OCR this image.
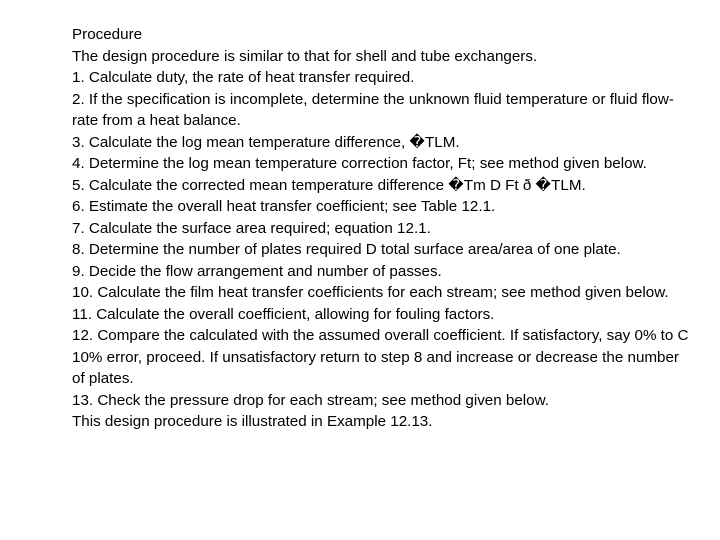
Procedure

The design procedure is similar to that for shell and tube exchangers.

1. Calculate duty, the rate of heat transfer required.

2. If the specification is incomplete, determine the unknown fluid temperature or fluid flow-rate from a heat balance.

3. Calculate the log mean temperature difference, �TLM.

4. Determine the log mean temperature correction factor, Ft; see method given below.

5. Calculate the corrected mean temperature difference �Tm D Ft ð �TLM.

6. Estimate the overall heat transfer coefficient; see Table 12.1.

7. Calculate the surface area required; equation 12.1.

8. Determine the number of plates required D total surface area/area of one plate.

9. Decide the flow arrangement and number of passes.

10. Calculate the film heat transfer coefficients for each stream; see method given below.

11. Calculate the overall coefficient, allowing for fouling factors.

12. Compare the calculated with the assumed overall coefficient. If satisfactory, say 0% to C 10% error, proceed. If unsatisfactory return to step 8 and increase or decrease the number of plates.

13. Check the pressure drop for each stream; see method given below.

This design procedure is illustrated in Example 12.13.
